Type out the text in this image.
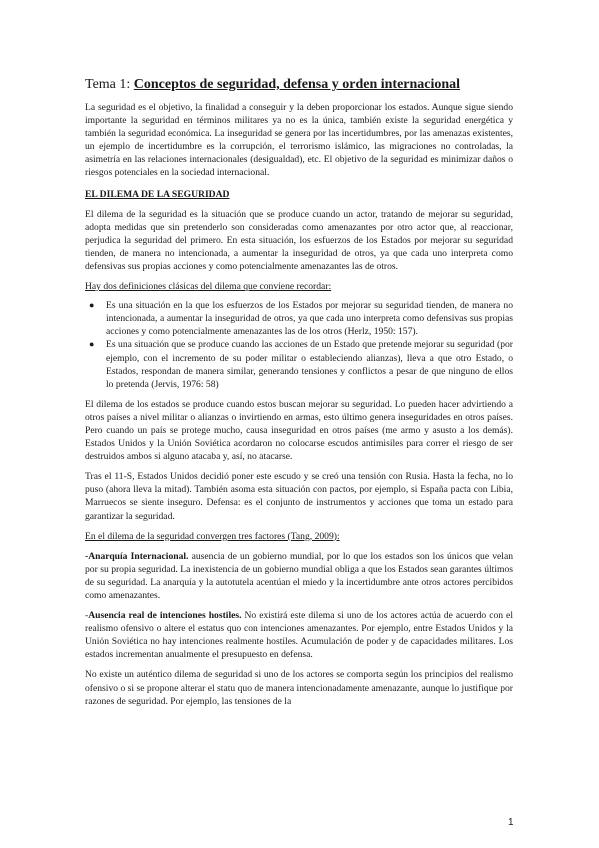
Tema 1: Conceptos de seguridad, defensa y orden internacional

La seguridad es el objetivo, la finalidad a conseguir y la deben proporcionar los estados. Aunque sigue siendo importante la seguridad en términos militares ya no es la única, también existe la seguridad energética y también la seguridad económica. La inseguridad se genera por las incertidumbres, por las amenazas existentes, un ejemplo de incertidumbre es la corrupción, el terrorismo islámico, las migraciones no controladas, la asimetría en las relaciones internacionales (desigualdad), etc. El objetivo de la seguridad es minimizar daños o riesgos potenciales en la sociedad internacional.

EL DILEMA DE LA SEGURIDAD

El dilema de la seguridad es la situación que se produce cuando un actor, tratando de mejorar su seguridad, adopta medidas que sin pretenderlo son consideradas como amenazantes por otro actor que, al reaccionar, perjudica la seguridad del primero. En esta situación, los esfuerzos de los Estados por mejorar su seguridad tienden, de manera no intencionada, a aumentar la inseguridad de otros, ya que cada uno interpreta como defensivas sus propias acciones y como potencialmente amenazantes las de otros.

Hay dos definiciones clásicas del dilema que conviene recordar:

● Es una situación en la que los esfuerzos de los Estados por mejorar su seguridad tienden, de manera no intencionada, a aumentar la inseguridad de otros, ya que cada uno interpreta como defensivas sus propias acciones y como potencialmente amenazantes las de los otros (Herlz, 1950: 157).
● Es una situación que se produce cuando las acciones de un Estado que pretende mejorar su seguridad (por ejemplo, con el incremento de su poder militar o estableciendo alianzas), lleva a que otro Estado, o Estados, respondan de manera similar, generando tensiones y conflictos a pesar de que ninguno de ellos lo pretenda (Jervis, 1976: 58)

El dilema de los estados se produce cuando estos buscan mejorar su seguridad. Lo pueden hacer advirtiendo a otros países a nivel militar o alianzas o invirtiendo en armas, esto último genera inseguridades en otros países. Pero cuando un país se protege mucho, causa inseguridad en otros países (me armo y asusto a los demás). Estados Unidos y la Unión Soviética acordaron no colocarse escudos antimisiles para correr el riesgo de ser destruidos ambos si alguno atacaba y, así, no atacarse.

Tras el 11-S, Estados Unidos decidió poner este escudo y se creó una tensión con Rusia. Hasta la fecha, no lo puso (ahora lleva la mitad). También asoma esta situación con pactos, por ejemplo, si España pacta con Libia, Marruecos se siente inseguro. Defensa: es el conjunto de instrumentos y acciones que toma un estado para garantizar la seguridad.

En el dilema de la seguridad convergen tres factores (Tang, 2009):

-Anarquía Internacional. ausencia de un gobierno mundial, por lo que los estados son los únicos que velan por su propia seguridad. La inexistencia de un gobierno mundial obliga a que los Estados sean garantes últimos de su seguridad. La anarquía y la autotutela acentúan el miedo y la incertidumbre ante otros actores percibidos como amenazantes.

-Ausencia real de intenciones hostiles. No existirá este dilema si uno de los actores actúa de acuerdo con el realismo ofensivo o altere el estatus quo con intenciones amenazantes. Por ejemplo, entre Estados Unidos y la Unión Soviética no hay intenciones realmente hostiles. Acumulación de poder y de capacidades militares. Los estados incrementan anualmente el presupuesto en defensa.

No existe un auténtico dilema de seguridad si uno de los actores se comporta según los principios del realismo ofensivo o si se propone alterar el statu quo de manera intencionadamente amenazante, aunque lo justifique por razones de seguridad. Por ejemplo, las tensiones de la

1
